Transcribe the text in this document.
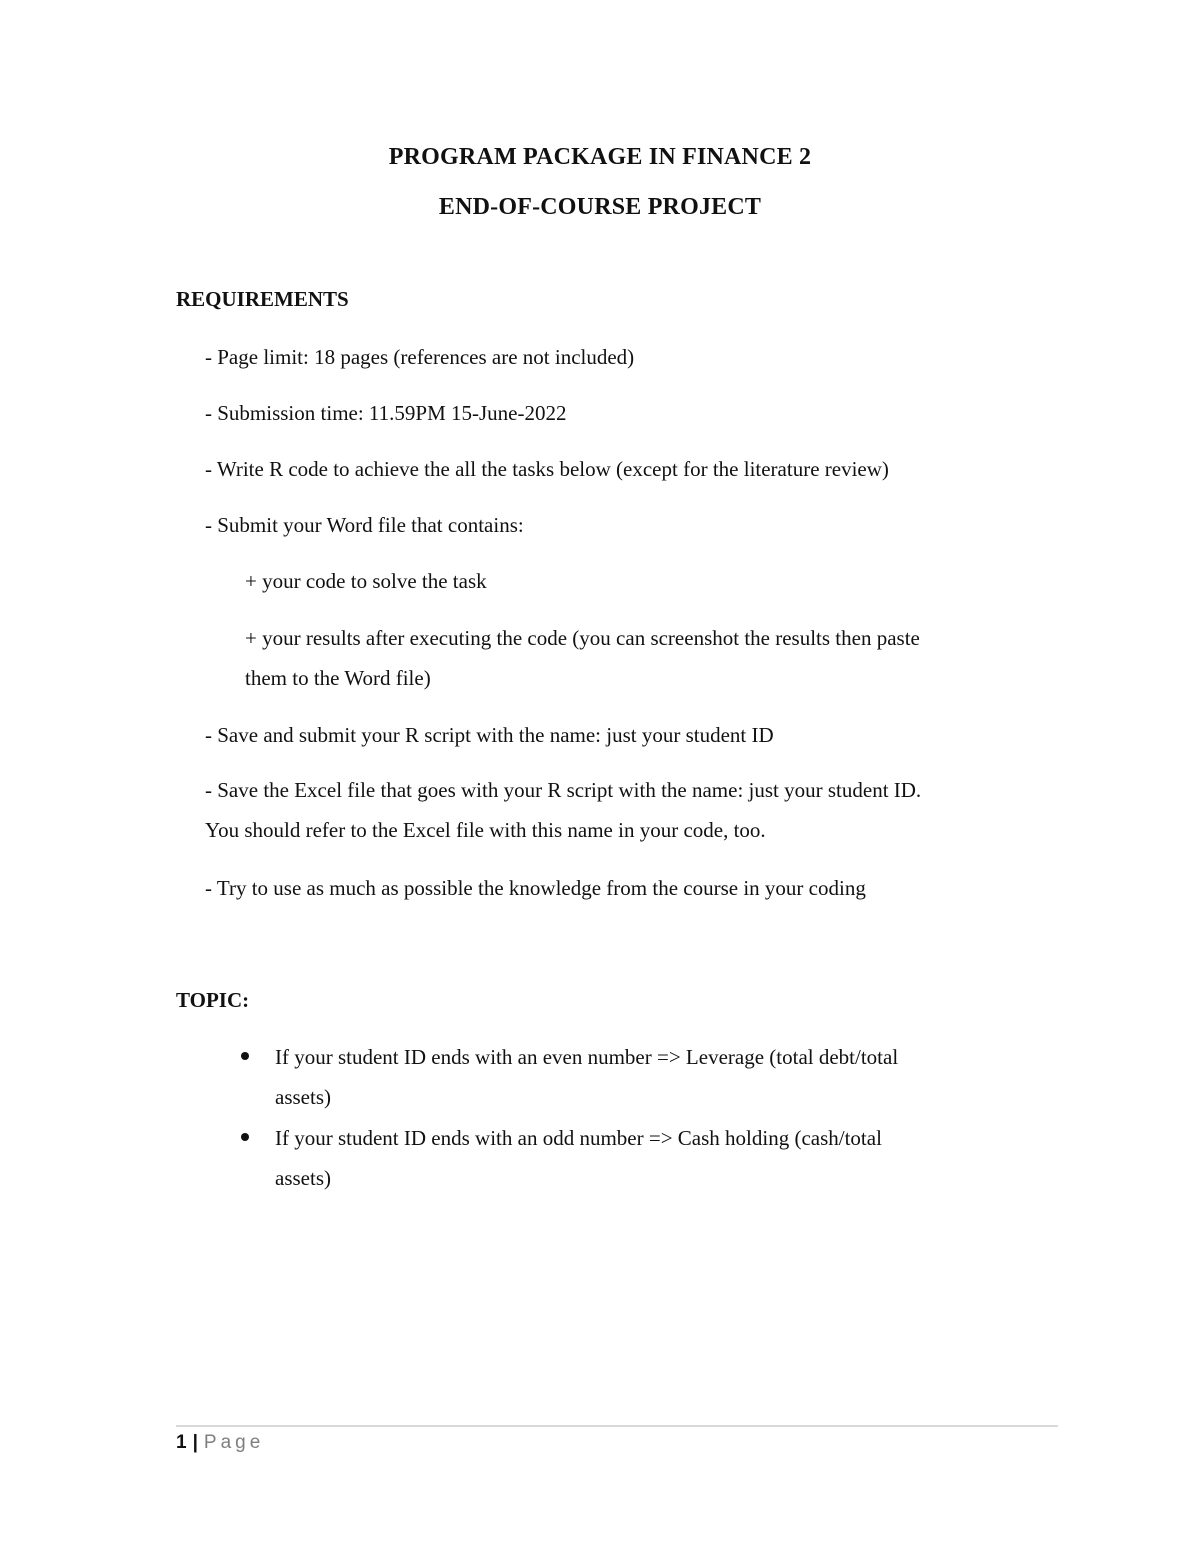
PROGRAM PACKAGE IN FINANCE 2
END-OF-COURSE PROJECT
REQUIREMENTS
- Page limit: 18 pages (references are not included)
- Submission time: 11.59PM 15-June-2022
- Write R code to achieve the all the tasks below (except for the literature review)
- Submit your Word file that contains:
+ your code to solve the task
+ your results after executing the code (you can screenshot the results then paste
them to the Word file)
- Save and submit your R script with the name: just your student ID
- Save the Excel file that goes with your R script with the name: just your student ID.
You should refer to the Excel file with this name in your code, too.
- Try to use as much as possible the knowledge from the course in your coding
TOPIC:
If your student ID ends with an even number => Leverage (total debt/total
assets)
If your student ID ends with an odd number => Cash holding (cash/total
assets)
1 | Page
